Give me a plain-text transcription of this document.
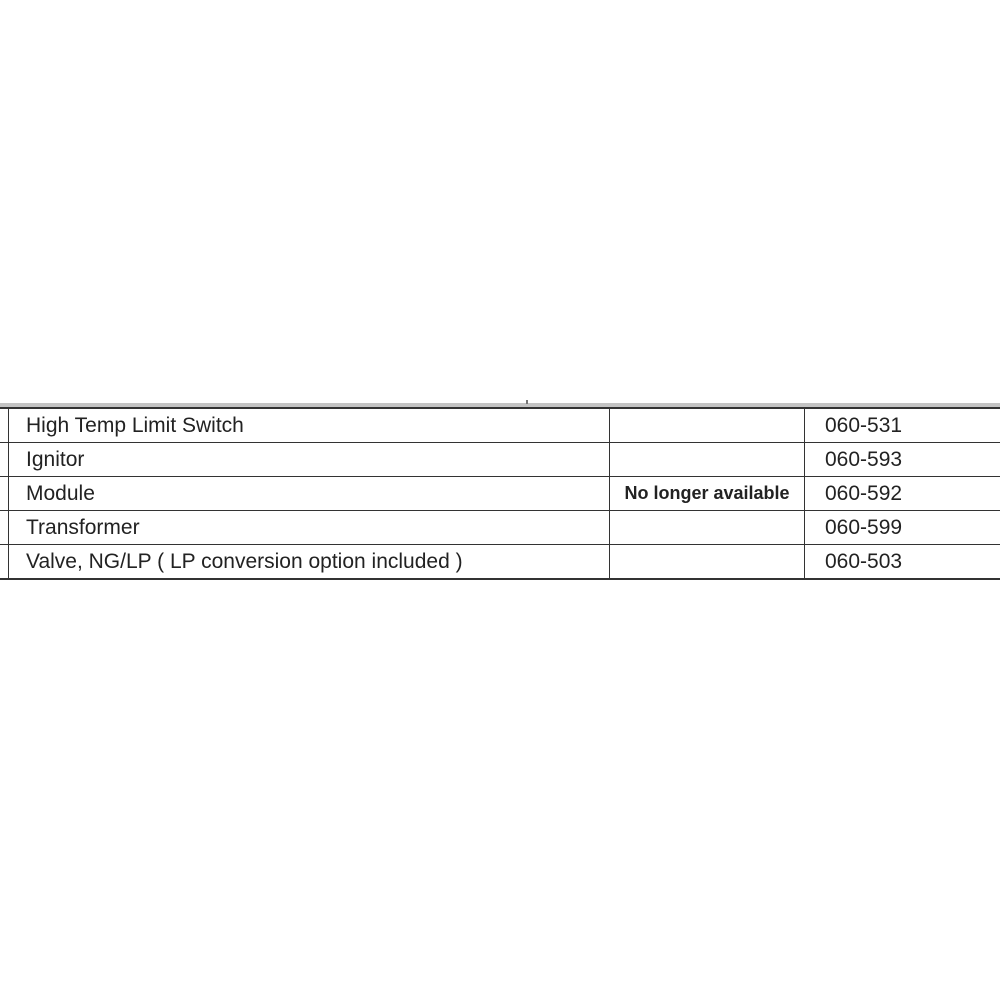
	High Temp Limit Switch		060-531	
	Ignitor		060-593	
	Module	No longer available	060-592	
	Transformer		060-599	
	Valve, NG/LP ( LP conversion option included )		060-503	
